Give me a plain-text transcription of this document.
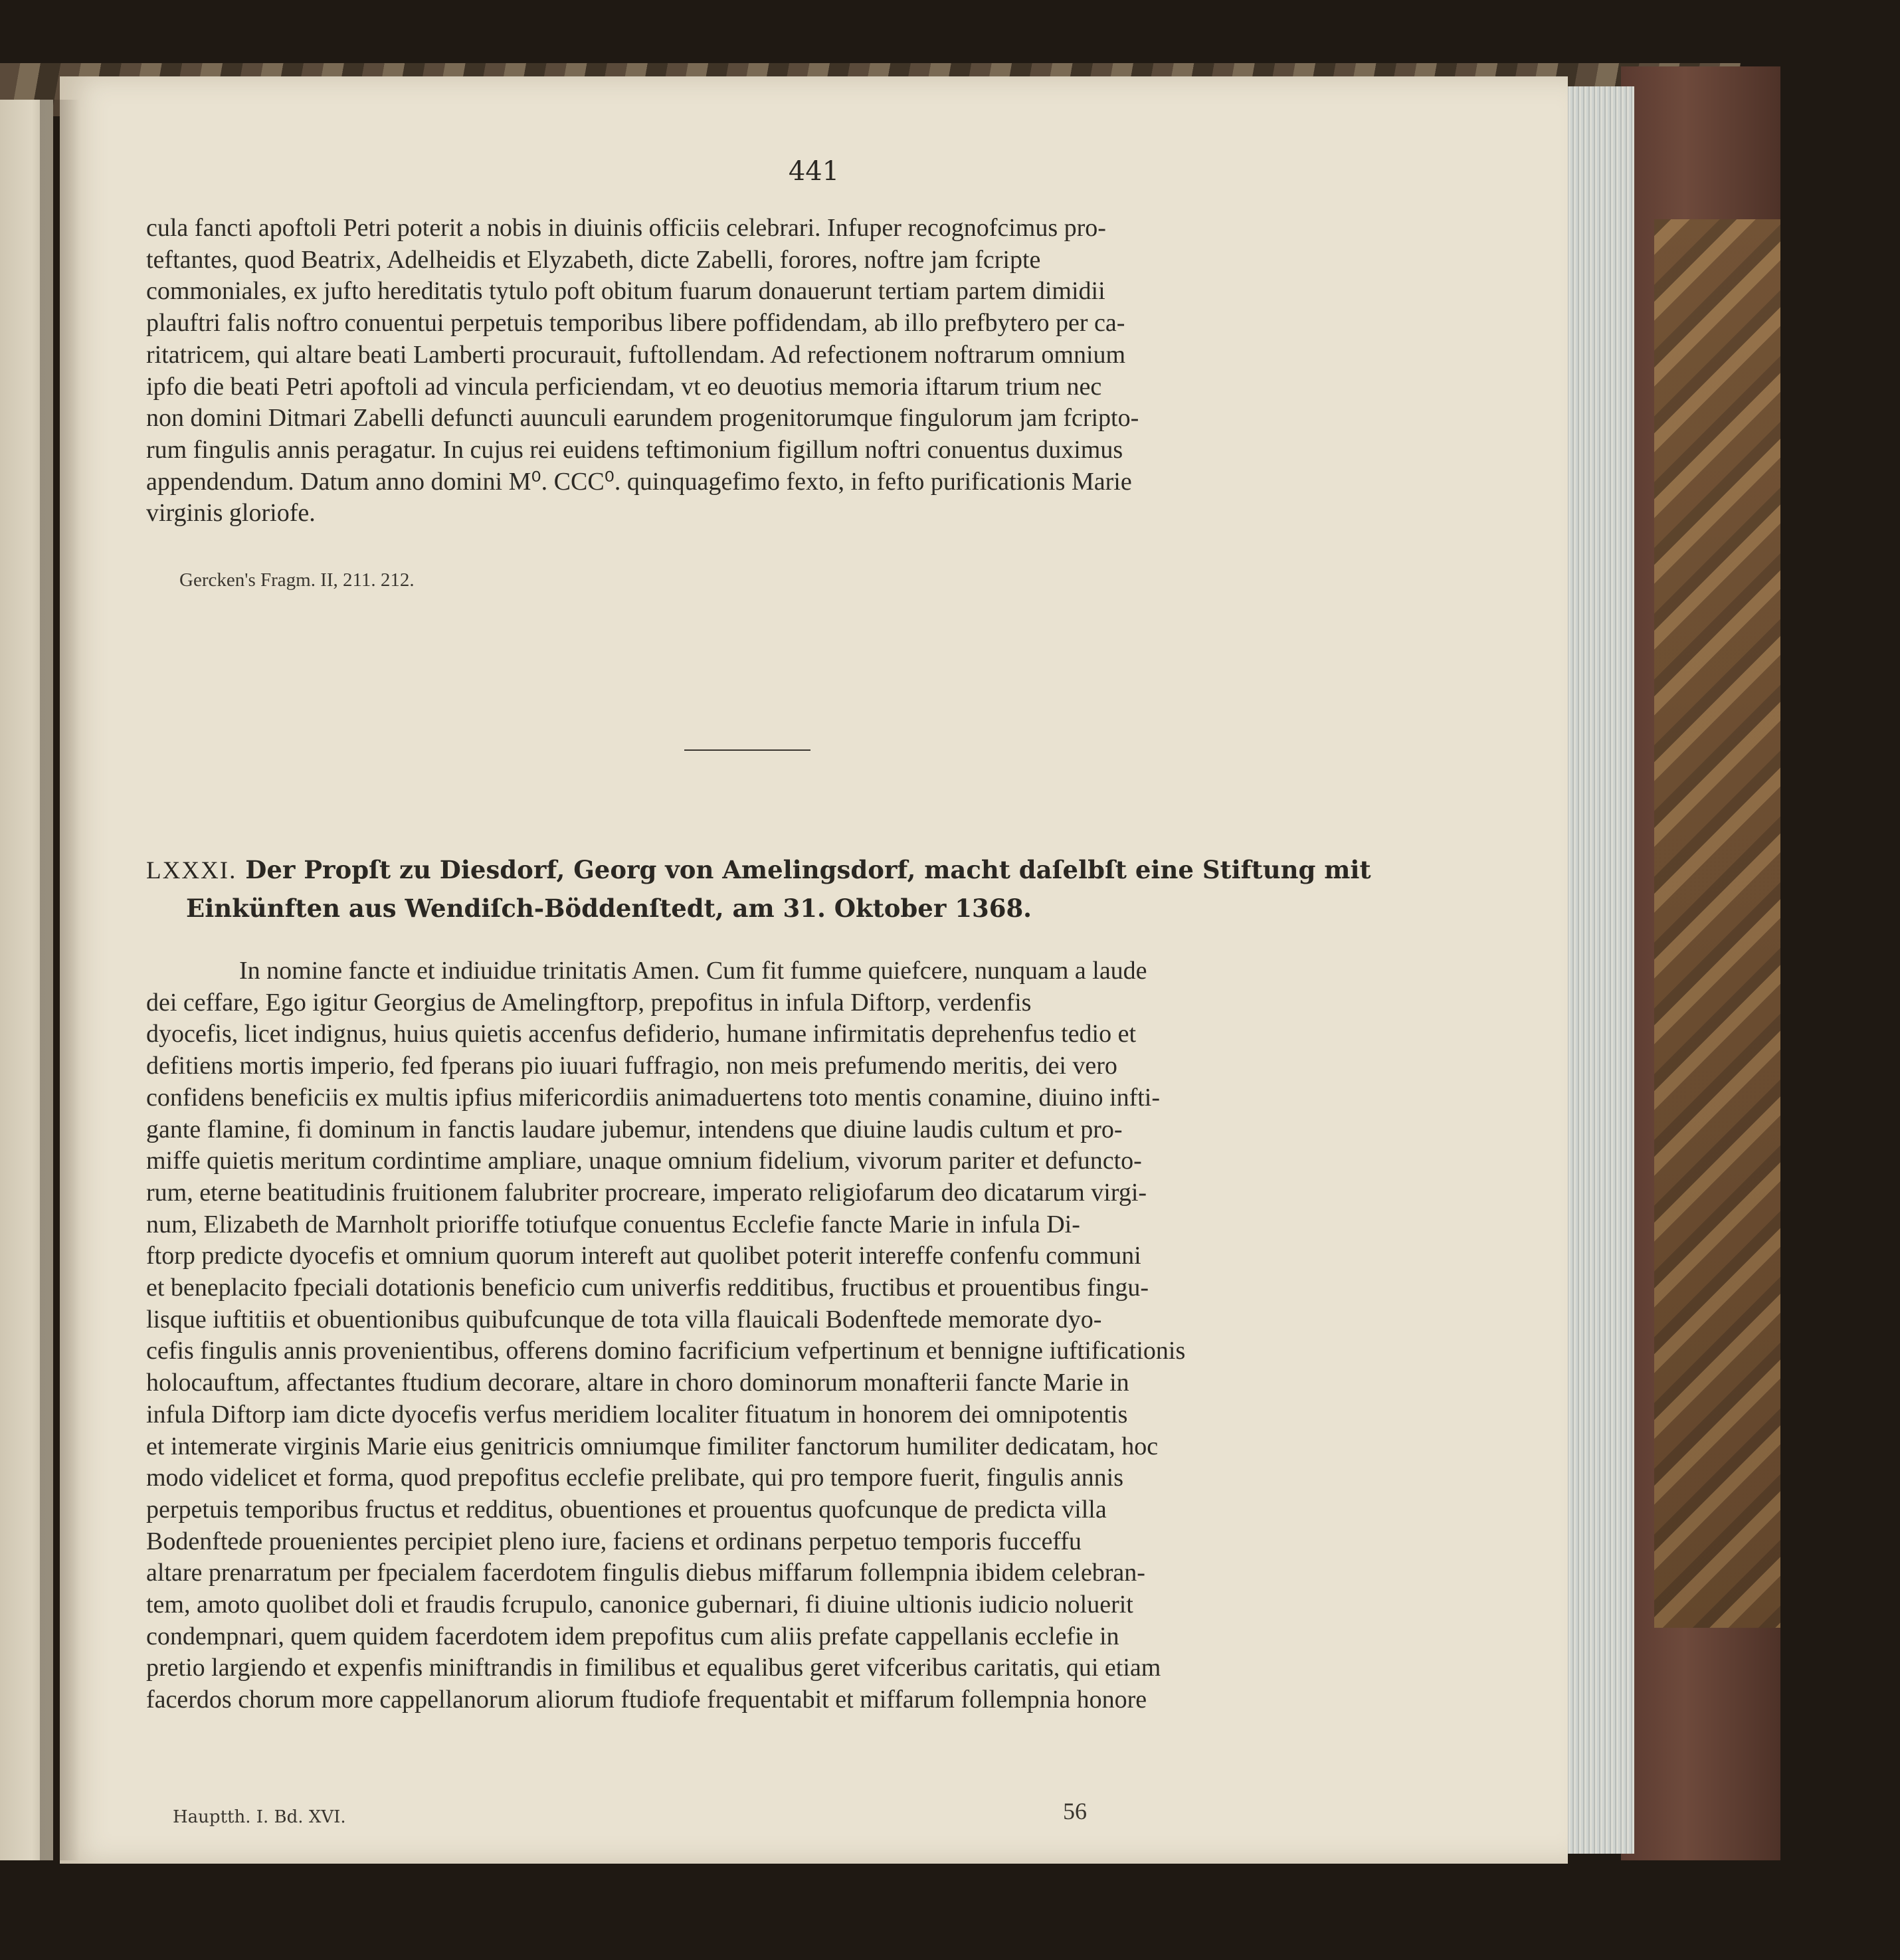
441

cula fancti apoftoli Petri poterit a nobis in diuinis officiis celebrari. Infuper recognofcimus pro-

teftantes, quod Beatrix, Adelheidis et Elyzabeth, dicte Zabelli, forores, noftre jam fcripte

commoniales, ex jufto hereditatis tytulo poft obitum fuarum donauerunt tertiam partem dimidii

plauftri falis noftro conuentui perpetuis temporibus libere poffidendam, ab illo prefbytero per ca-

ritatricem, qui altare beati Lamberti procurauit, fuftollendam. Ad refectionem noftrarum omnium

ipfo die beati Petri apoftoli ad vincula perficiendam, vt eo deuotius memoria iftarum trium nec

non domini Ditmari Zabelli defuncti auunculi earundem progenitorumque fingulorum jam fcripto-

rum fingulis annis peragatur. In cujus rei euidens teftimonium figillum noftri conuentus duximus

appendendum. Datum anno domini M⁰. CCC⁰. quinquagefimo fexto, in fefto purificationis Marie

virginis gloriofe.

Gercken's Fragm. II, 211. 212.

LXXXI. Der Propſt zu Diesdorf, Georg von Amelingsdorf, macht daſelbſt eine Stiftung mit
Einkünften aus Wendiſch-Böddenſtedt, am 31. Oktober 1368.

In nomine fancte et indiuidue trinitatis Amen. Cum fit fumme quiefcere, nunquam a laude

dei ceffare, Ego igitur Georgius de Amelingftorp, prepofitus in infula Diftorp, verdenfis

dyocefis, licet indignus, huius quietis accenfus defiderio, humane infirmitatis deprehenfus tedio et

defitiens mortis imperio, fed fperans pio iuuari fuffragio, non meis prefumendo meritis, dei vero

confidens beneficiis ex multis ipfius mifericordiis animaduertens toto mentis conamine, diuino infti-

gante flamine, fi dominum in fanctis laudare jubemur, intendens que diuine laudis cultum et pro-

miffe quietis meritum cordintime ampliare, unaque omnium fidelium, vivorum pariter et defuncto-

rum, eterne beatitudinis fruitionem falubriter procreare, imperato religiofarum deo dicatarum virgi-

num, Elizabeth de Marnholt prioriffe totiufque conuentus Ecclefie fancte Marie in infula Di-

ftorp predicte dyocefis et omnium quorum intereft aut quolibet poterit intereffe confenfu communi

et beneplacito fpeciali dotationis beneficio cum univerfis redditibus, fructibus et prouentibus fingu-

lisque iuftitiis et obuentionibus quibufcunque de tota villa flauicali Bodenftede memorate dyo-

cefis fingulis annis provenientibus, offerens domino facrificium vefpertinum et bennigne iuftificationis

holocauftum, affectantes ftudium decorare, altare in choro dominorum monafterii fancte Marie in

infula Diftorp iam dicte dyocefis verfus meridiem localiter fituatum in honorem dei omnipotentis

et intemerate virginis Marie eius genitricis omniumque fimiliter fanctorum humiliter dedicatam, hoc

modo videlicet et forma, quod prepofitus ecclefie prelibate, qui pro tempore fuerit, fingulis annis

perpetuis temporibus fructus et redditus, obuentiones et prouentus quofcunque de predicta villa

Bodenftede prouenientes percipiet pleno iure, faciens et ordinans perpetuo temporis fucceffu

altare prenarratum per fpecialem facerdotem fingulis diebus miffarum follempnia ibidem celebran-

tem, amoto quolibet doli et fraudis fcrupulo, canonice gubernari, fi diuine ultionis iudicio noluerit

condempnari, quem quidem facerdotem idem prepofitus cum aliis prefate cappellanis ecclefie in

pretio largiendo et expenfis miniftrandis in fimilibus et equalibus geret vifceribus caritatis, qui etiam

facerdos chorum more cappellanorum aliorum ftudiofe frequentabit et miffarum follempnia honore

Hauptth. I. Bd. XVI.	56
